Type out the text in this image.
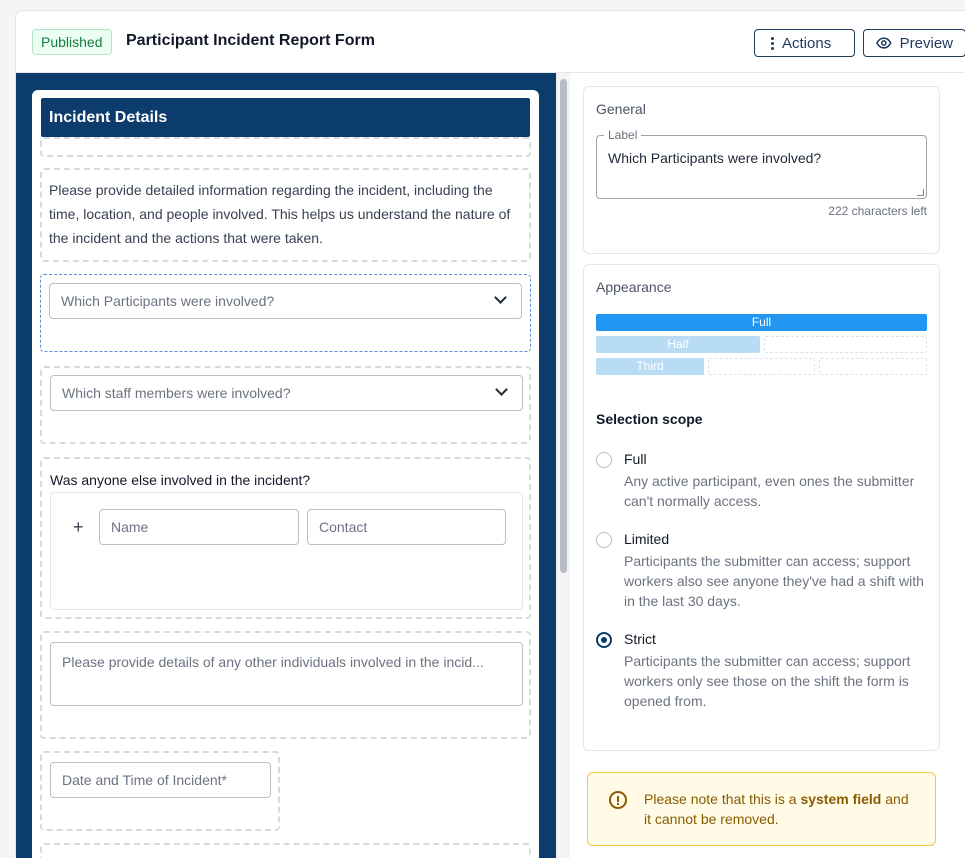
Published	Participant Incident Report Form	Actions	Preview
Incident Details
Please provide detailed information regarding the incident, including the time, location, and people involved. This helps us understand the nature of the incident and the actions that were taken.
Which Participants were involved?
Which staff members were involved?
Was anyone else involved in the incident?
+	Name	Contact
Please provide details of any other individuals involved in the incid...
Date and Time of Incident*
General
Label
Which Participants were involved?
222 characters left
Appearance
Full
Half
Third
Selection scope
Full
Any active participant, even ones the submitter can't normally access.
Limited
Participants the submitter can access; support workers also see anyone they've had a shift with in the last 30 days.
Strict
Participants the submitter can access; support workers only see those on the shift the form is opened from.
Please note that this is a system field and it cannot be removed.
